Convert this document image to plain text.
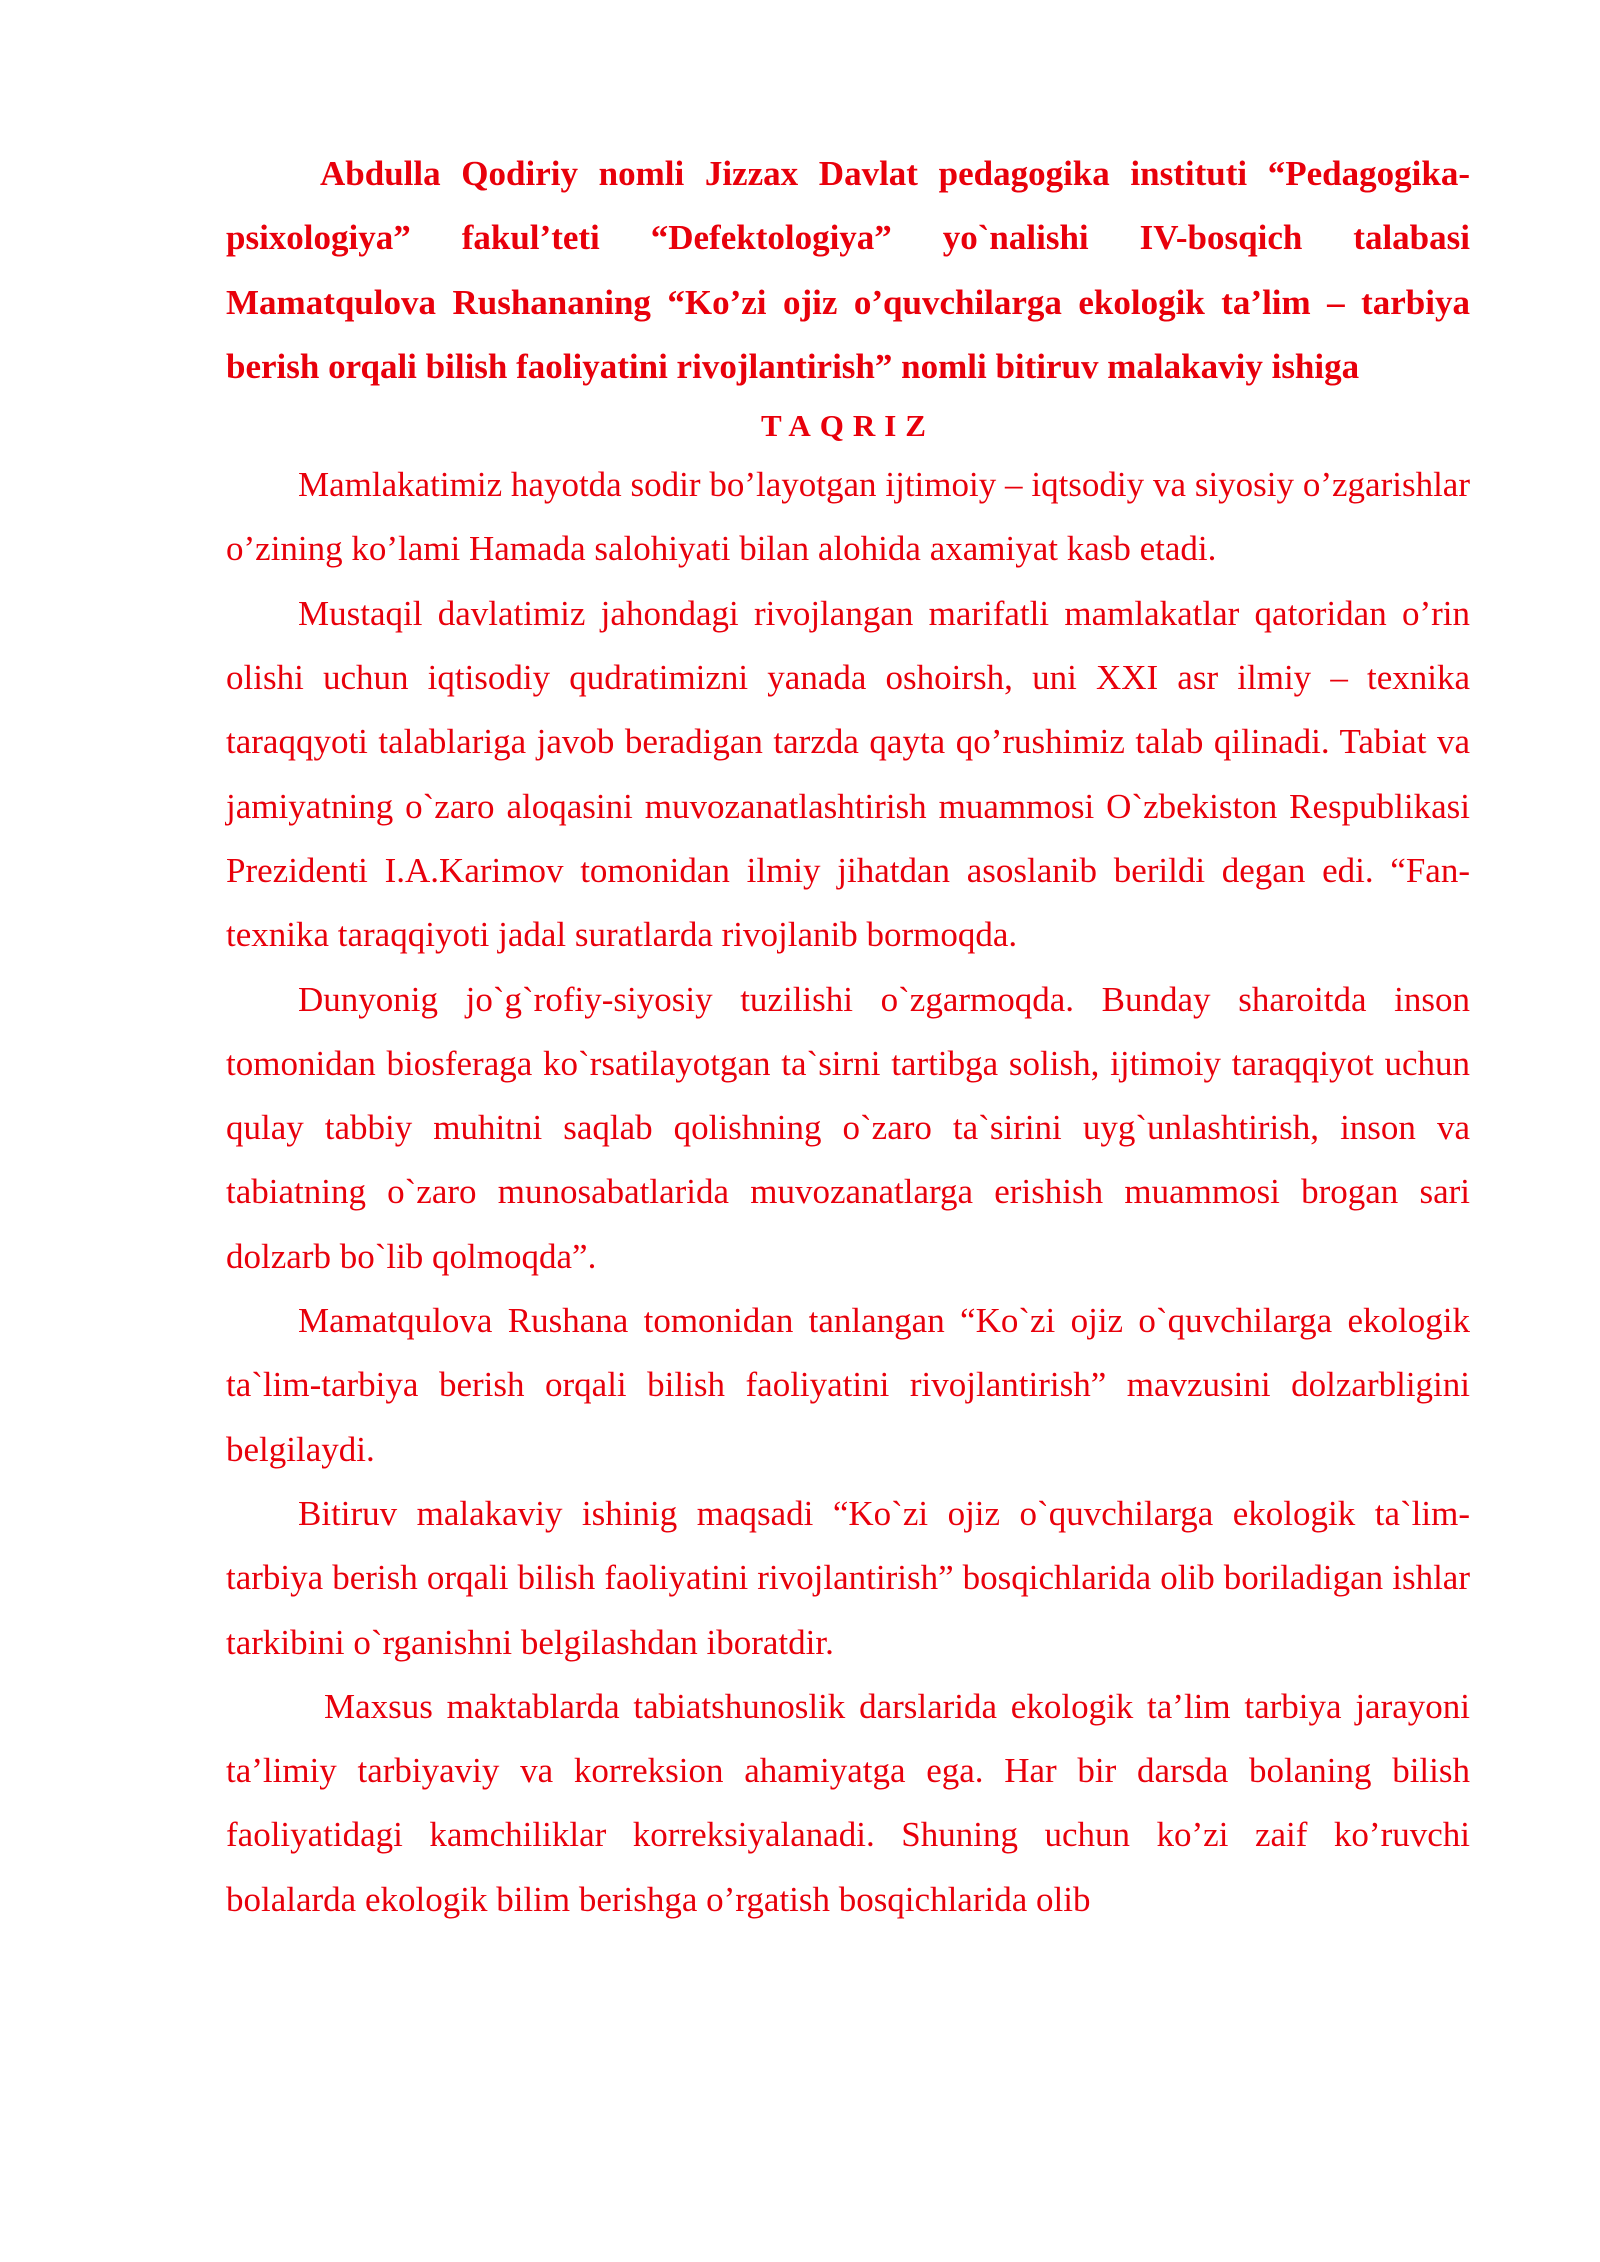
Abdulla Qodiriy nomli Jizzax Davlat pedagogika instituti “Pedagogika-psixologiya” fakul’teti “Defektologiya” yo`nalishi IV-bosqich talabasi Mamatqulova Rushananing “Ko’zi ojiz o’quvchilarga ekologik ta’lim – tarbiya berish orqali bilish faoliyatini rivojlantirish” nomli bitiruv malakaviy ishiga

TAQRIZ

Mamlakatimiz hayotda sodir bo’layotgan ijtimoiy – iqtsodiy va siyosiy o’zgarishlar o’zining ko’lami Hamada salohiyati bilan alohida axamiyat kasb etadi.

Mustaqil davlatimiz jahondagi rivojlangan marifatli mamlakatlar qatoridan o’rin olishi uchun iqtisodiy qudratimizni yanada oshoirsh, uni XXI asr ilmiy – texnika taraqqyoti talablariga javob beradigan tarzda qayta qo’rushimiz talab qilinadi. Tabiat va jamiyatning o`zaro aloqasini muvozanatlashtirish muammosi O`zbekiston Respublikasi Prezidenti I.A.Karimov tomonidan ilmiy jihatdan asoslanib berildi degan edi. “Fan-texnika taraqqiyoti jadal suratlarda rivojlanib bormoqda.

Dunyonig jo`g`rofiy-siyosiy tuzilishi o`zgarmoqda. Bunday sharoitda inson tomonidan biosferaga ko`rsatilayotgan ta`sirni tartibga solish, ijtimoiy taraqqiyot uchun qulay tabbiy muhitni saqlab qolishning o`zaro ta`sirini uyg`unlashtirish, inson va tabiatning o`zaro munosabatlarida muvozanatlarga erishish muammosi brogan sari dolzarb bo`lib qolmoqda”.

Mamatqulova Rushana tomonidan tanlangan “Ko`zi ojiz o`quvchilarga ekologik ta`lim-tarbiya berish orqali bilish faoliyatini rivojlantirish” mavzusini dolzarbligini belgilaydi.

Bitiruv malakaviy ishinig maqsadi “Ko`zi ojiz o`quvchilarga ekologik ta`lim-tarbiya berish orqali bilish faoliyatini rivojlantirish” bosqichlarida olib boriladigan ishlar tarkibini o`rganishni belgilashdan iboratdir.

Maxsus maktablarda tabiatshunoslik darslarida ekologik ta’lim tarbiya jarayoni ta’limiy tarbiyaviy va korreksion ahamiyatga ega. Har bir darsda bolaning bilish faoliyatidagi kamchiliklar korreksiyalanadi. Shuning uchun ko’zi zaif ko’ruvchi bolalarda ekologik bilim berishga o’rgatish bosqichlarida olib
